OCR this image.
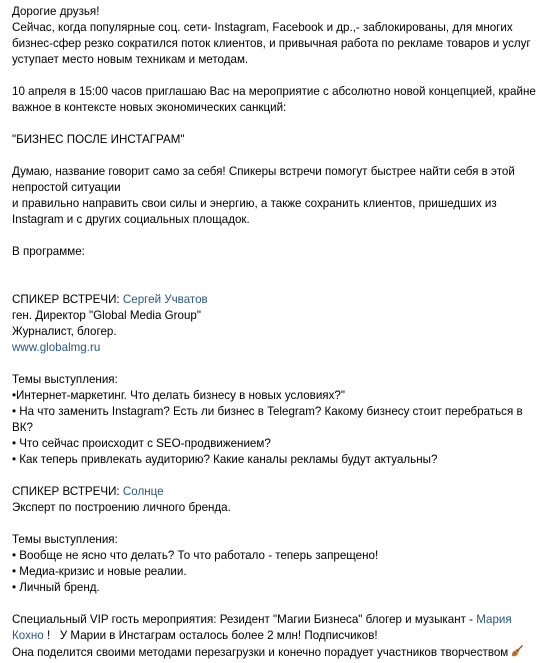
Дорогие друзья!

Сейчас, когда популярные соц. сети- Instagram, Facebook и др.,- заблокированы, для многих

бизнес-сфер резко сократился поток клиентов, и привычная работа по рекламе товаров и услуг

уступает место новым техникам и методам.

10 апреля в 15:00 часов приглашаю Вас на мероприятие с абсолютно новой концепцией, крайне

важное в контексте новых экономических санкций:

"БИЗНЕС ПОСЛЕ ИНСТАГРАМ"

Думаю, название говорит само за себя! Спикеры встречи помогут быстрее найти себя в этой

непростой ситуации

и правильно направить свои силы и энергию, а также сохранить клиентов, пришедших из

Instagram и с других социальных площадок.

В программе:

СПИКЕР ВСТРЕЧИ: Сергей Учватов

ген. Директор "Global Media Group"

Журналист, блогер.

www.globalmg.ru

Темы выступления:

•Интернет-маркетинг. Что делать бизнесу в новых условиях?"

• На что заменить Instagram? Есть ли бизнес в Telegram? Какому бизнесу стоит перебраться в

ВК?

• Что сейчас происходит с SEO-продвижением?

• Как теперь привлекать аудиторию? Какие каналы рекламы будут актуальны?

СПИКЕР ВСТРЕЧИ: Солнце

Эксперт по построению личного бренда.

Темы выступления:

• Вообще не ясно что делать? То что работало - теперь запрещено!

• Медиа-кризис и новые реалии.

• Личный бренд.

Специальный VIP гость мероприятия: Резидент "Магии Бизнеса" блогер и музыкант - Мария

Кохно !   У Марии в Инстаграм осталось более 2 млн! Подписчиков!

Она поделится своими методами перезагрузки и конечно порадует участников творчеством
